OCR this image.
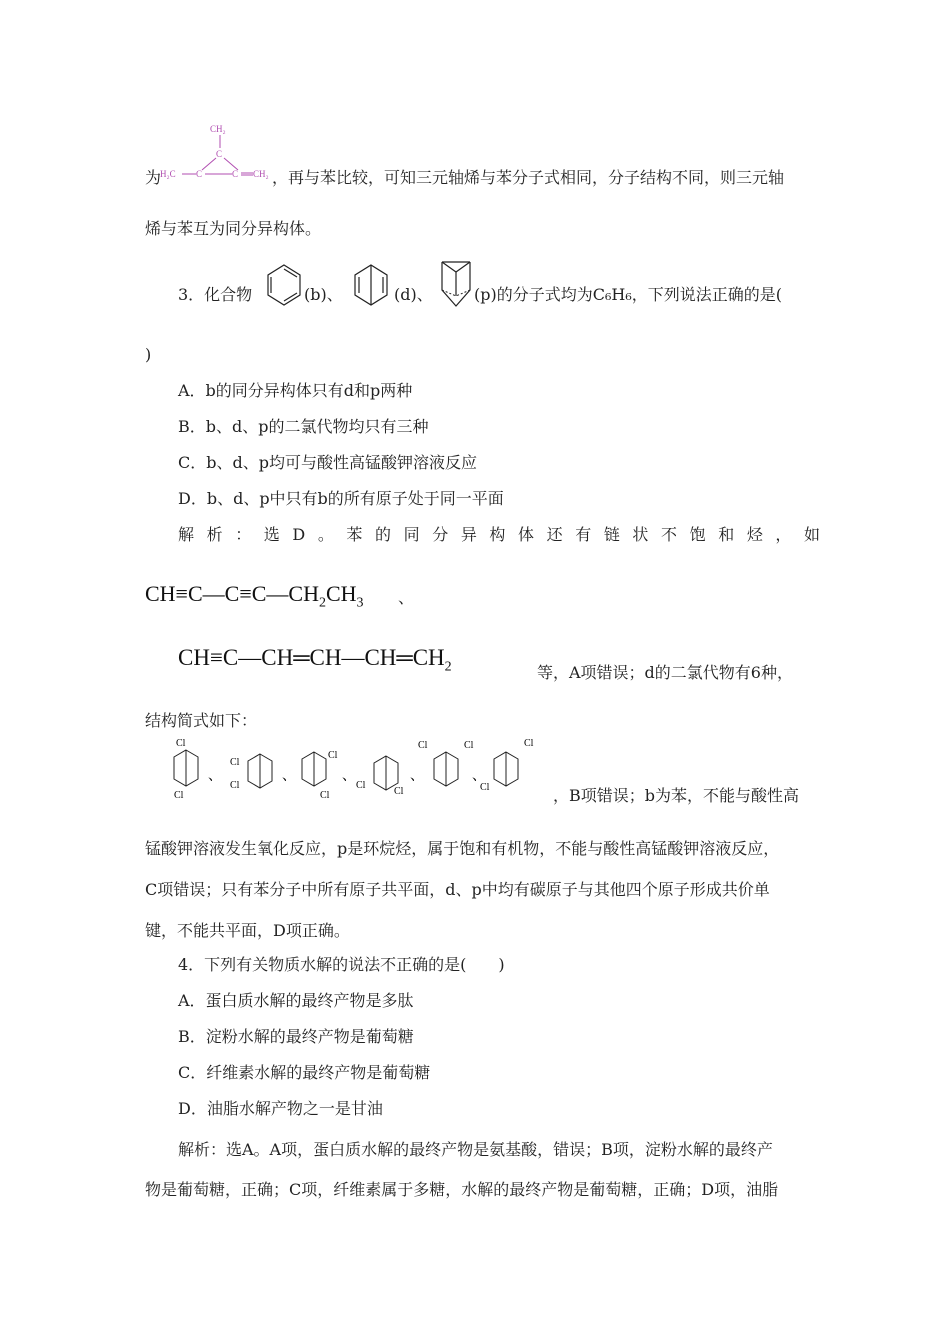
CH₂
C
H₂C C	C CH₂
为	，再与苯比较，可知三元轴烯与苯分子式相同，分子结构不同，则三元轴
烯与苯互为同分异构体。
3．化合物	(b)、	(d)、	(p)的分子式均为C₆H₆，下列说法正确的是(
)
A．b的同分异构体只有d和p两种
B．b、d、p的二氯代物均只有三种
C．b、d、p均可与酸性高锰酸钾溶液反应
D．b、d、p中只有b的所有原子处于同一平面
解析：选D。苯的同分异构体还有链状不饱和烃，如
$CH\equiv C—C\equiv C—CH_2CH_3$ 、
$CH\equiv C—CH═CH—CH═CH_2$	等，A项错误；d的二氯代物有6种，
结构简式如下：
Cl
Cl
、
Cl
Cl
、
Cl
Cl
、
Cl
Cl
、
Cl	Cl
、
Cl
Cl	，B项错误；b为苯，不能与酸性高
锰酸钾溶液发生氧化反应，p是环烷烃，属于饱和有机物，不能与酸性高锰酸钾溶液反应，
C项错误；只有苯分子中所有原子共平面，d、p中均有碳原子与其他四个原子形成共价单
键，不能共平面，D项正确。
4．下列有关物质水解的说法不正确的是(　　)
A．蛋白质水解的最终产物是多肽
B．淀粉水解的最终产物是葡萄糖
C．纤维素水解的最终产物是葡萄糖
D．油脂水解产物之一是甘油
解析：选A。A项，蛋白质水解的最终产物是氨基酸，错误；B项，淀粉水解的最终产
物是葡萄糖，正确；C项，纤维素属于多糖，水解的最终产物是葡萄糖，正确；D项，油脂
